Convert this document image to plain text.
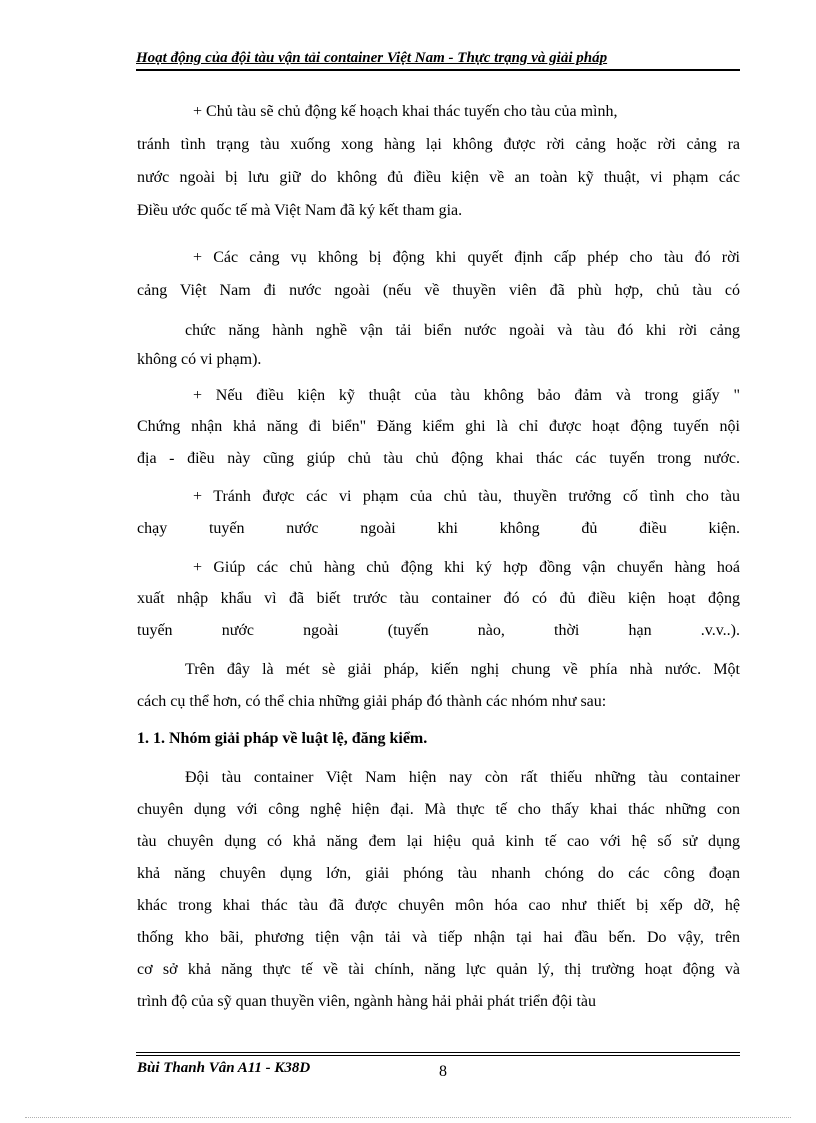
Hoạt động của đội tàu vận tải container Việt Nam - Thực trạng và giải pháp
+ Chủ tàu sẽ chủ động kế hoạch khai thác tuyến cho tàu của mình,
tránh tình trạng tàu xuống xong hàng lại không được rời cảng hoặc rời cảng ra
nước ngoài bị lưu giữ do không đủ điều kiện về an toàn kỹ thuật, vi phạm các
Điều ước quốc tế mà Việt Nam đã ký kết tham gia.
+ Các cảng vụ không bị động khi quyết định cấp phép cho tàu đó rời
cảng Việt Nam đi nước ngoài (nếu về thuyền viên đã phù hợp, chủ tàu có
chức năng hành nghề vận tải biển nước ngoài và tàu đó khi rời cảng
không có vi phạm).
+ Nếu điều kiện kỹ thuật của tàu không bảo đảm và trong giấy "
Chứng nhận khả năng đi biển" Đăng kiểm ghi là chỉ được hoạt động tuyến nội
địa - điều này cũng giúp chủ tàu chủ động khai thác các tuyến trong nước.
+ Tránh được các vi phạm của chủ tàu, thuyền trưởng cố tình cho tàu
chạy tuyến nước ngoài khi không đủ điều kiện.
+ Giúp các chủ hàng chủ động khi ký hợp đồng vận chuyển hàng hoá
xuất nhập khẩu vì đã biết trước tàu container đó có đủ điều kiện hoạt động
tuyến nước ngoài (tuyến nào, thời hạn .v.v..).
Trên đây là mét sè giải pháp, kiến nghị chung về phía nhà nước. Một
cách cụ thể hơn, có thể chia những giải pháp đó thành các nhóm như sau:
1. 1. Nhóm giải pháp về luật lệ, đăng kiểm.
Đội tàu container Việt Nam hiện nay còn rất thiếu những tàu container
chuyên dụng với công nghệ hiện đại. Mà thực tế cho thấy khai thác những con
tàu chuyên dụng có khả năng đem lại hiệu quả kinh tế cao với hệ số sử dụng
khả năng chuyên dụng lớn, giải phóng tàu nhanh chóng do các công đoạn
khác trong khai thác tàu đã được chuyên môn hóa cao như thiết bị xếp dỡ, hệ
thống kho bãi, phương tiện vận tải và tiếp nhận tại hai đầu bến. Do vậy, trên
cơ sở khả năng thực tế về tài chính, năng lực quản lý, thị trường hoạt động và
trình độ của sỹ quan thuyền viên, ngành hàng hải phải phát triển đội tàu
Bùi Thanh Vân A11 - K38D	8
